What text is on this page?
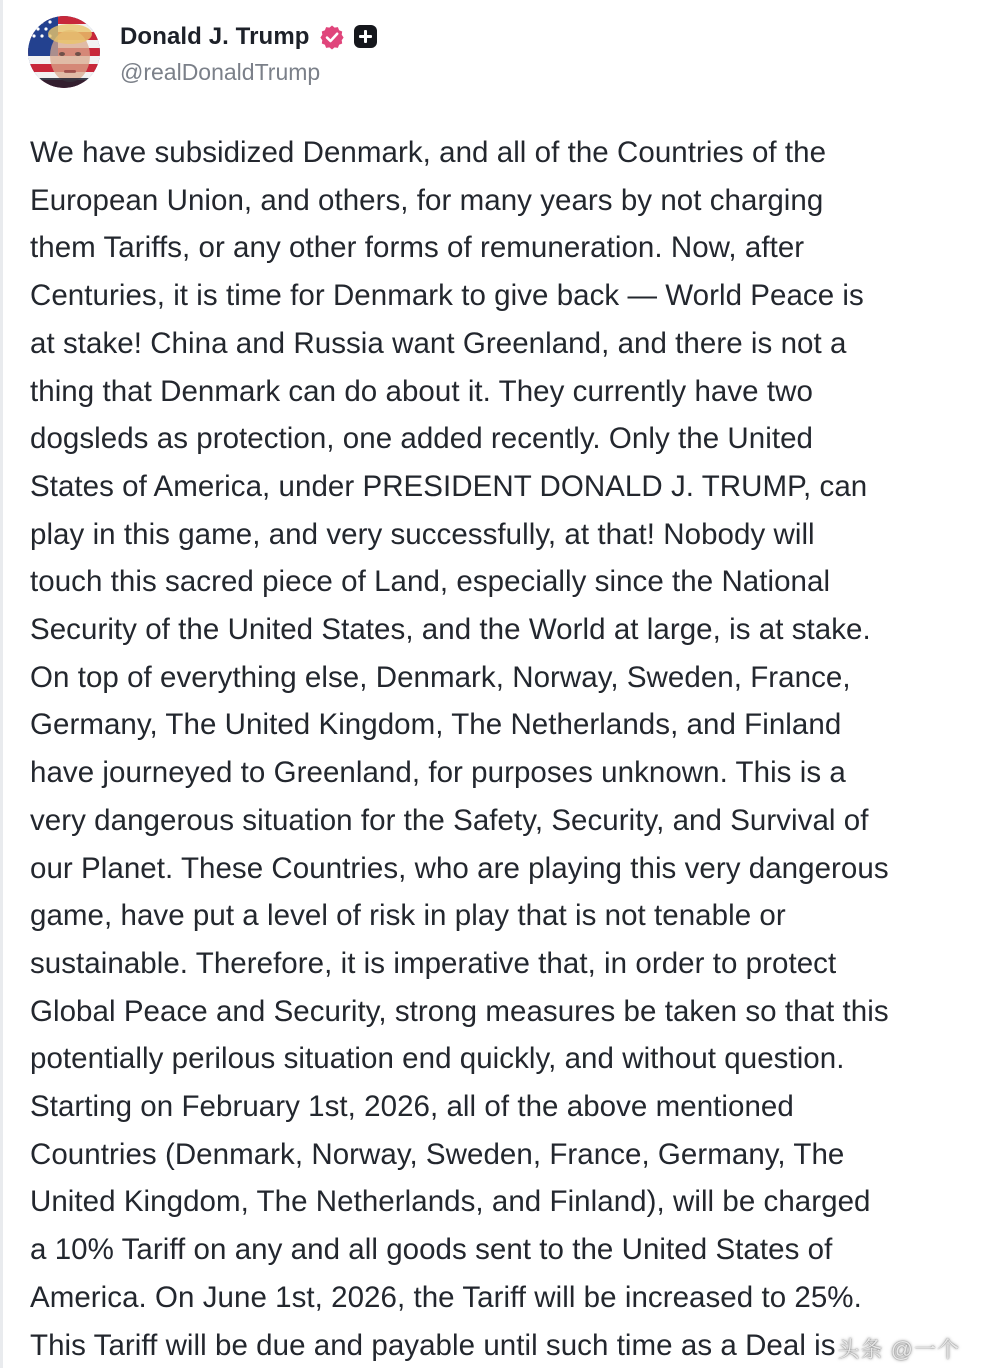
Donald J. Trump
@realDonaldTrump
We have subsidized Denmark, and all of the Countries of the
European Union, and others, for many years by not charging
them Tariffs, or any other forms of remuneration. Now, after
Centuries, it is time for Denmark to give back — World Peace is
at stake! China and Russia want Greenland, and there is not a
thing that Denmark can do about it. They currently have two
dogsleds as protection, one added recently. Only the United
States of America, under PRESIDENT DONALD J. TRUMP, can
play in this game, and very successfully, at that! Nobody will
touch this sacred piece of Land, especially since the National
Security of the United States, and the World at large, is at stake.
On top of everything else, Denmark, Norway, Sweden, France,
Germany, The United Kingdom, The Netherlands, and Finland
have journeyed to Greenland, for purposes unknown. This is a
very dangerous situation for the Safety, Security, and Survival of
our Planet. These Countries, who are playing this very dangerous
game, have put a level of risk in play that is not tenable or
sustainable. Therefore, it is imperative that, in order to protect
Global Peace and Security, strong measures be taken so that this
potentially perilous situation end quickly, and without question.
Starting on February 1st, 2026, all of the above mentioned
Countries (Denmark, Norway, Sweden, France, Germany, The
United Kingdom, The Netherlands, and Finland), will be charged
a 10% Tariff on any and all goods sent to the United States of
America. On June 1st, 2026, the Tariff will be increased to 25%.
This Tariff will be due and payable until such time as a Deal is 头条 @一个
